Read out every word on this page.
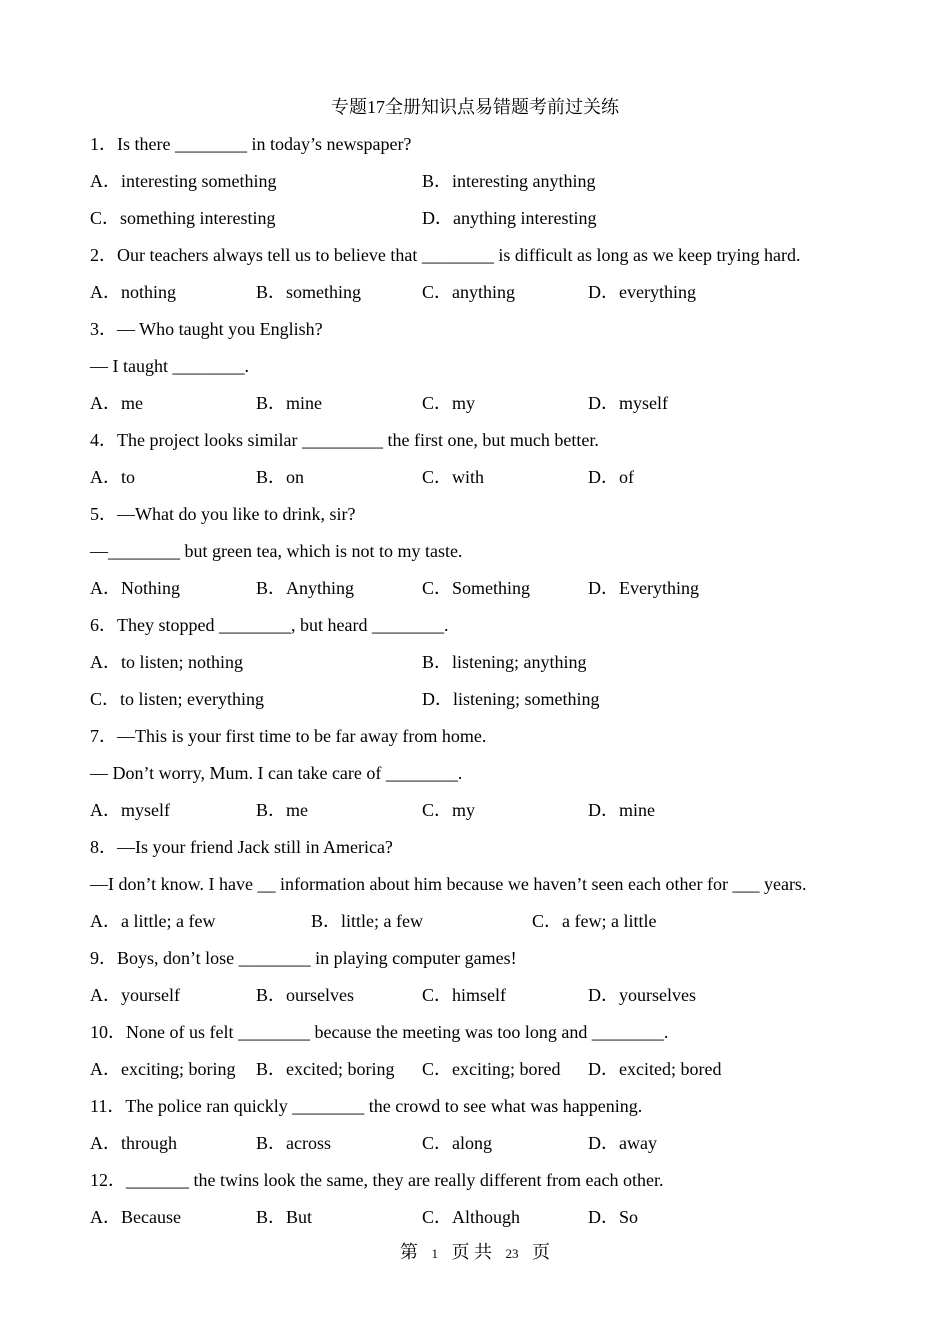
专题17全册知识点易错题考前过关练
1．Is there ________ in today’s newspaper?
A．interesting something	B．interesting anything
C．something interesting	D．anything interesting
2．Our teachers always tell us to believe that ________ is difficult as long as we keep trying hard.
A．nothing	B．something	C．anything	D．everything
3．— Who taught you English?
— I taught ________.
A．me	B．mine	C．my	D．myself
4．The project looks similar _________ the first one, but much better.
A．to	B．on	C．with	D．of
5．—What do you like to drink, sir?
—________ but green tea, which is not to my taste.
A．Nothing	B．Anything	C．Something	D．Everything
6．They stopped ________, but heard ________.
A．to listen; nothing	B．listening; anything
C．to listen; everything	D．listening; something
7．—This is your first time to be far away from home.
— Don’t worry, Mum. I can take care of ________.
A．myself	B．me	C．my	D．mine
8．—Is your friend Jack still in America?
—I don’t know. I have __ information about him because we haven’t seen each other for ___ years.
A．a little; a few	B．little; a few	C．a few; a little
9．Boys, don’t lose ________ in playing computer games!
A．yourself	B．ourselves	C．himself	D．yourselves
10．None of us felt ________ because the meeting was too long and ________.
A．exciting; boring B．excited; boring C．exciting; bored D．excited; bored
11．The police ran quickly ________ the crowd to see what was happening.
A．through	B．across	C．along	D．away
12．_______ the twins look the same, they are really different from each other.
A．Because	B．But	C．Although	D．So
第 1 页 共 23 页
